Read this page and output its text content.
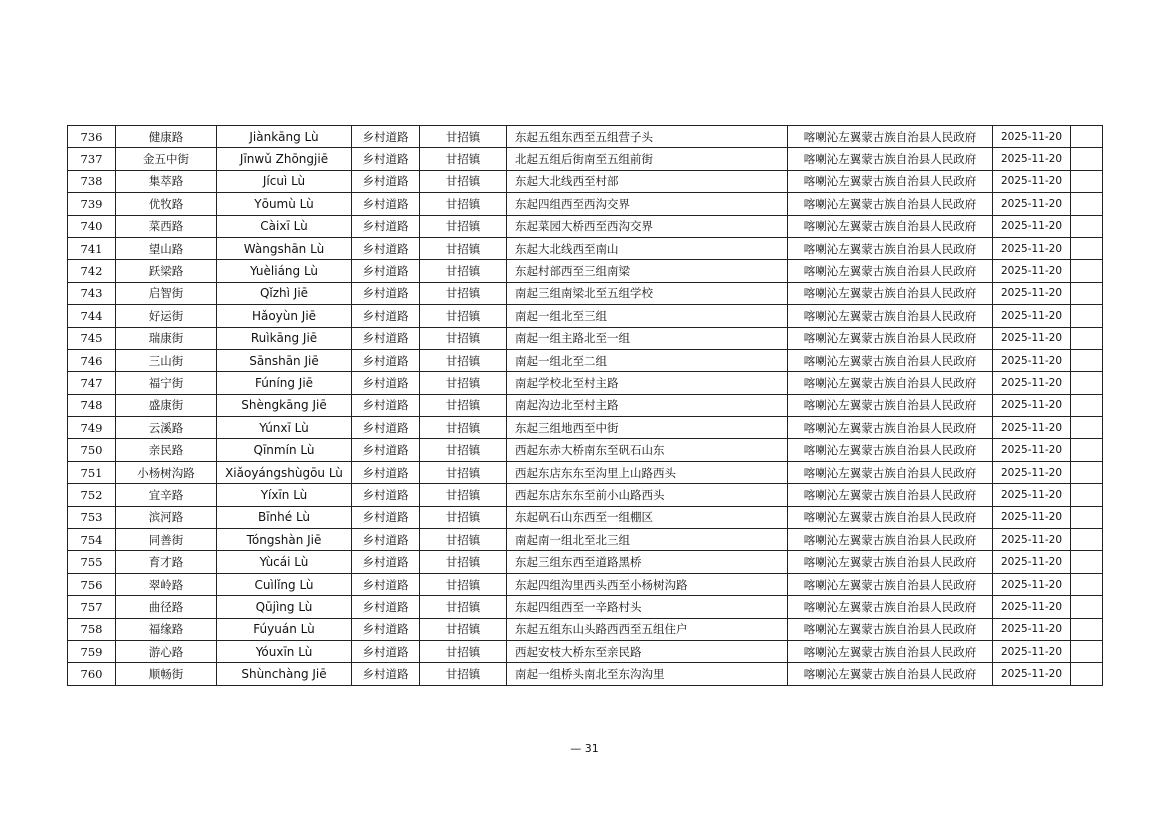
736	健康路	Jiànkāng Lù	乡村道路	甘招镇	东起五组东西至五组营子头	喀喇沁左翼蒙古族自治县人民政府	2025-11-20	
737	金五中街	Jīnwǔ Zhōngjiē	乡村道路	甘招镇	北起五组后街南至五组前街	喀喇沁左翼蒙古族自治县人民政府	2025-11-20	
738	集萃路	Jícuì Lù	乡村道路	甘招镇	东起大北线西至村部	喀喇沁左翼蒙古族自治县人民政府	2025-11-20	
739	优牧路	Yōumù Lù	乡村道路	甘招镇	东起四组西至西沟交界	喀喇沁左翼蒙古族自治县人民政府	2025-11-20	
740	菜西路	Càixī Lù	乡村道路	甘招镇	东起菜园大桥西至西沟交界	喀喇沁左翼蒙古族自治县人民政府	2025-11-20	
741	望山路	Wàngshān Lù	乡村道路	甘招镇	东起大北线西至南山	喀喇沁左翼蒙古族自治县人民政府	2025-11-20	
742	跃梁路	Yuèliáng Lù	乡村道路	甘招镇	东起村部西至三组南梁	喀喇沁左翼蒙古族自治县人民政府	2025-11-20	
743	启智街	Qǐzhì Jiē	乡村道路	甘招镇	南起三组南梁北至五组学校	喀喇沁左翼蒙古族自治县人民政府	2025-11-20	
744	好运街	Hǎoyùn Jiē	乡村道路	甘招镇	南起一组北至三组	喀喇沁左翼蒙古族自治县人民政府	2025-11-20	
745	瑞康街	Ruìkāng Jiē	乡村道路	甘招镇	南起一组主路北至一组	喀喇沁左翼蒙古族自治县人民政府	2025-11-20	
746	三山街	Sānshān Jiē	乡村道路	甘招镇	南起一组北至二组	喀喇沁左翼蒙古族自治县人民政府	2025-11-20	
747	福宁街	Fúníng Jiē	乡村道路	甘招镇	南起学校北至村主路	喀喇沁左翼蒙古族自治县人民政府	2025-11-20	
748	盛康街	Shèngkāng Jiē	乡村道路	甘招镇	南起沟边北至村主路	喀喇沁左翼蒙古族自治县人民政府	2025-11-20	
749	云溪路	Yúnxī Lù	乡村道路	甘招镇	东起三组地西至中街	喀喇沁左翼蒙古族自治县人民政府	2025-11-20	
750	亲民路	Qīnmín Lù	乡村道路	甘招镇	西起东赤大桥南东至矾石山东	喀喇沁左翼蒙古族自治县人民政府	2025-11-20	
751	小杨树沟路	Xiǎoyángshùgōu Lù	乡村道路	甘招镇	西起东店东东至沟里上山路西头	喀喇沁左翼蒙古族自治县人民政府	2025-11-20	
752	宜辛路	Yíxīn Lù	乡村道路	甘招镇	西起东店东东至前小山路西头	喀喇沁左翼蒙古族自治县人民政府	2025-11-20	
753	滨河路	Bīnhé Lù	乡村道路	甘招镇	东起矾石山东西至一组棚区	喀喇沁左翼蒙古族自治县人民政府	2025-11-20	
754	同善街	Tóngshàn Jiē	乡村道路	甘招镇	南起南一组北至北三组	喀喇沁左翼蒙古族自治县人民政府	2025-11-20	
755	育才路	Yùcái Lù	乡村道路	甘招镇	东起三组东西至道路黑桥	喀喇沁左翼蒙古族自治县人民政府	2025-11-20	
756	翠岭路	Cuìlǐng Lù	乡村道路	甘招镇	东起四组沟里西头西至小杨树沟路	喀喇沁左翼蒙古族自治县人民政府	2025-11-20	
757	曲径路	Qūjìng Lù	乡村道路	甘招镇	东起四组西至一辛路村头	喀喇沁左翼蒙古族自治县人民政府	2025-11-20	
758	福缘路	Fúyuán Lù	乡村道路	甘招镇	东起五组东山头路西西至五组住户	喀喇沁左翼蒙古族自治县人民政府	2025-11-20	
759	游心路	Yóuxīn Lù	乡村道路	甘招镇	西起安枝大桥东至亲民路	喀喇沁左翼蒙古族自治县人民政府	2025-11-20	
760	顺畅街	Shùnchàng Jiē	乡村道路	甘招镇	南起一组桥头南北至东沟沟里	喀喇沁左翼蒙古族自治县人民政府	2025-11-20	
— 31
